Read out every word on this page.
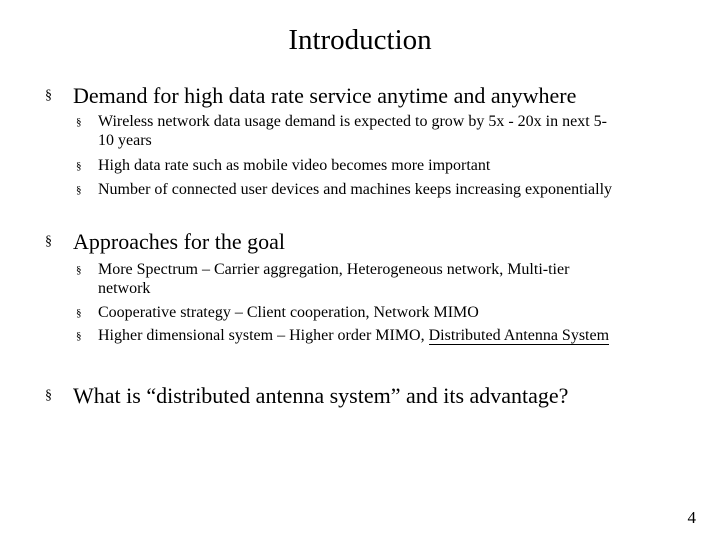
Introduction
§ Demand for high data rate service anytime and anywhere
§ Wireless network data usage demand is expected to grow by 5x - 20x in next 5-
10 years
§ High data rate such as mobile video becomes more important
§ Number of connected user devices and machines keeps increasing exponentially
§ Approaches for the goal
§ More Spectrum – Carrier aggregation, Heterogeneous network, Multi-tier
network
§ Cooperative strategy – Client cooperation, Network MIMO
§ Higher dimensional system – Higher order MIMO, Distributed Antenna System
§ What is “distributed antenna system” and its advantage?
4
